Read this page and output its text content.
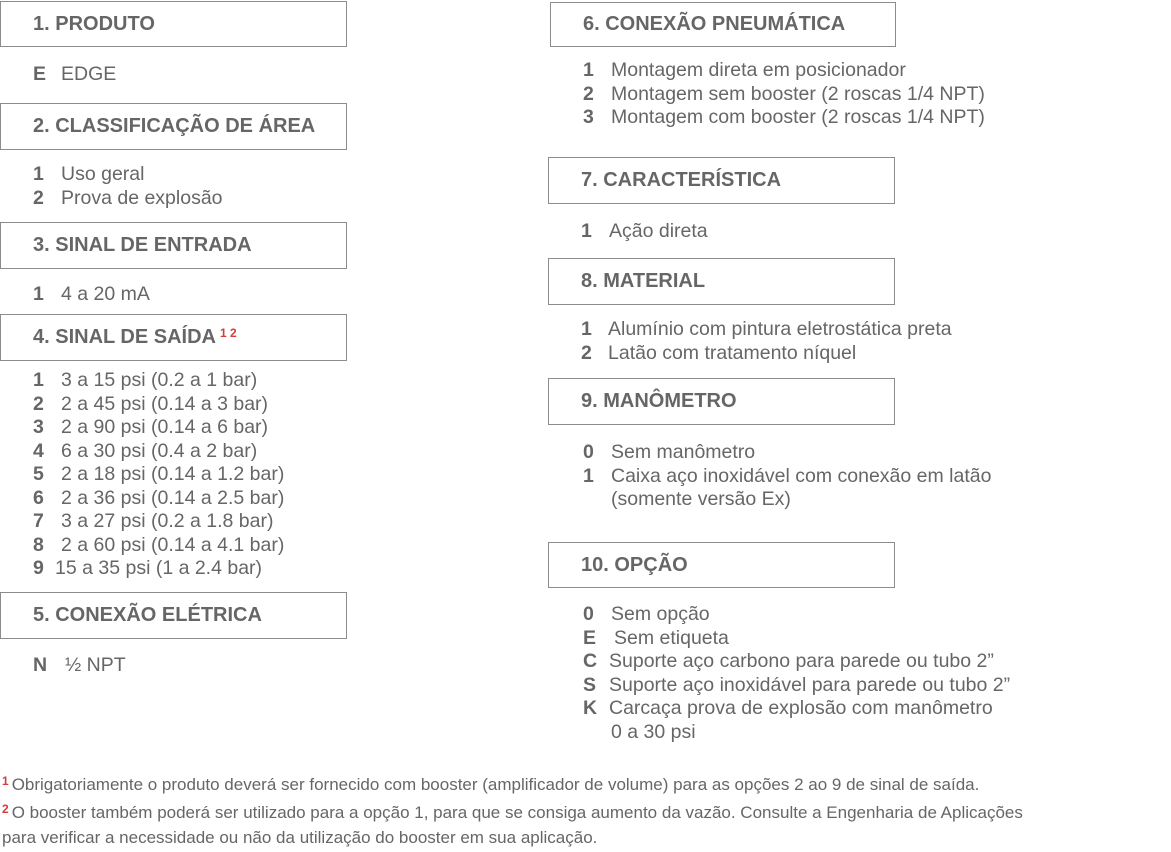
1. PRODUTO
E EDGE
2. CLASSIFICAÇÃO DE ÁREA
1 Uso geral
2 Prova de explosão
3. SINAL DE ENTRADA
1 4 a 20 mA
4. SINAL DE SAÍDA $^{1 2}$
1 3 a 15 psi (0.2 a 1 bar)
2 2 a 45 psi (0.14 a 3 bar)
3 2 a 90 psi (0.14 a 6 bar)
4 6 a 30 psi (0.4 a 2 bar)
5 2 a 18 psi (0.14 a 1.2 bar)
6 2 a 36 psi (0.14 a 2.5 bar)
7 3 a 27 psi (0.2 a 1.8 bar)
8 2 a 60 psi (0.14 a 4.1 bar)
9 15 a 35 psi (1 a 2.4 bar)
5. CONEXÃO ELÉTRICA
N ½ NPT
6. CONEXÃO PNEUMÁTICA
1 Montagem direta em posicionador
2 Montagem sem booster (2 roscas 1/4 NPT)
3 Montagem com booster (2 roscas 1/4 NPT)
7. CARACTERÍSTICA
1 Ação direta
8. MATERIAL
1 Alumínio com pintura eletrostática preta
2 Latão com tratamento níquel
9. MANÔMETRO
0 Sem manômetro
1 Caixa aço inoxidável com conexão em latão
(somente versão Ex)
10. OPÇÃO
0 Sem opção
E Sem etiqueta
C Suporte aço carbono para parede ou tubo 2”
S Suporte aço inoxidável para parede ou tubo 2”
K Carcaça prova de explosão com manômetro
0 a 30 psi
$^1$ Obrigatoriamente o produto deverá ser fornecido com booster (amplificador de volume) para as opções 2 ao 9 de sinal de saída.
$^2$ O booster também poderá ser utilizado para a opção 1, para que se consiga aumento da vazão. Consulte a Engenharia de Aplicações
para verificar a necessidade ou não da utilização do booster em sua aplicação.
